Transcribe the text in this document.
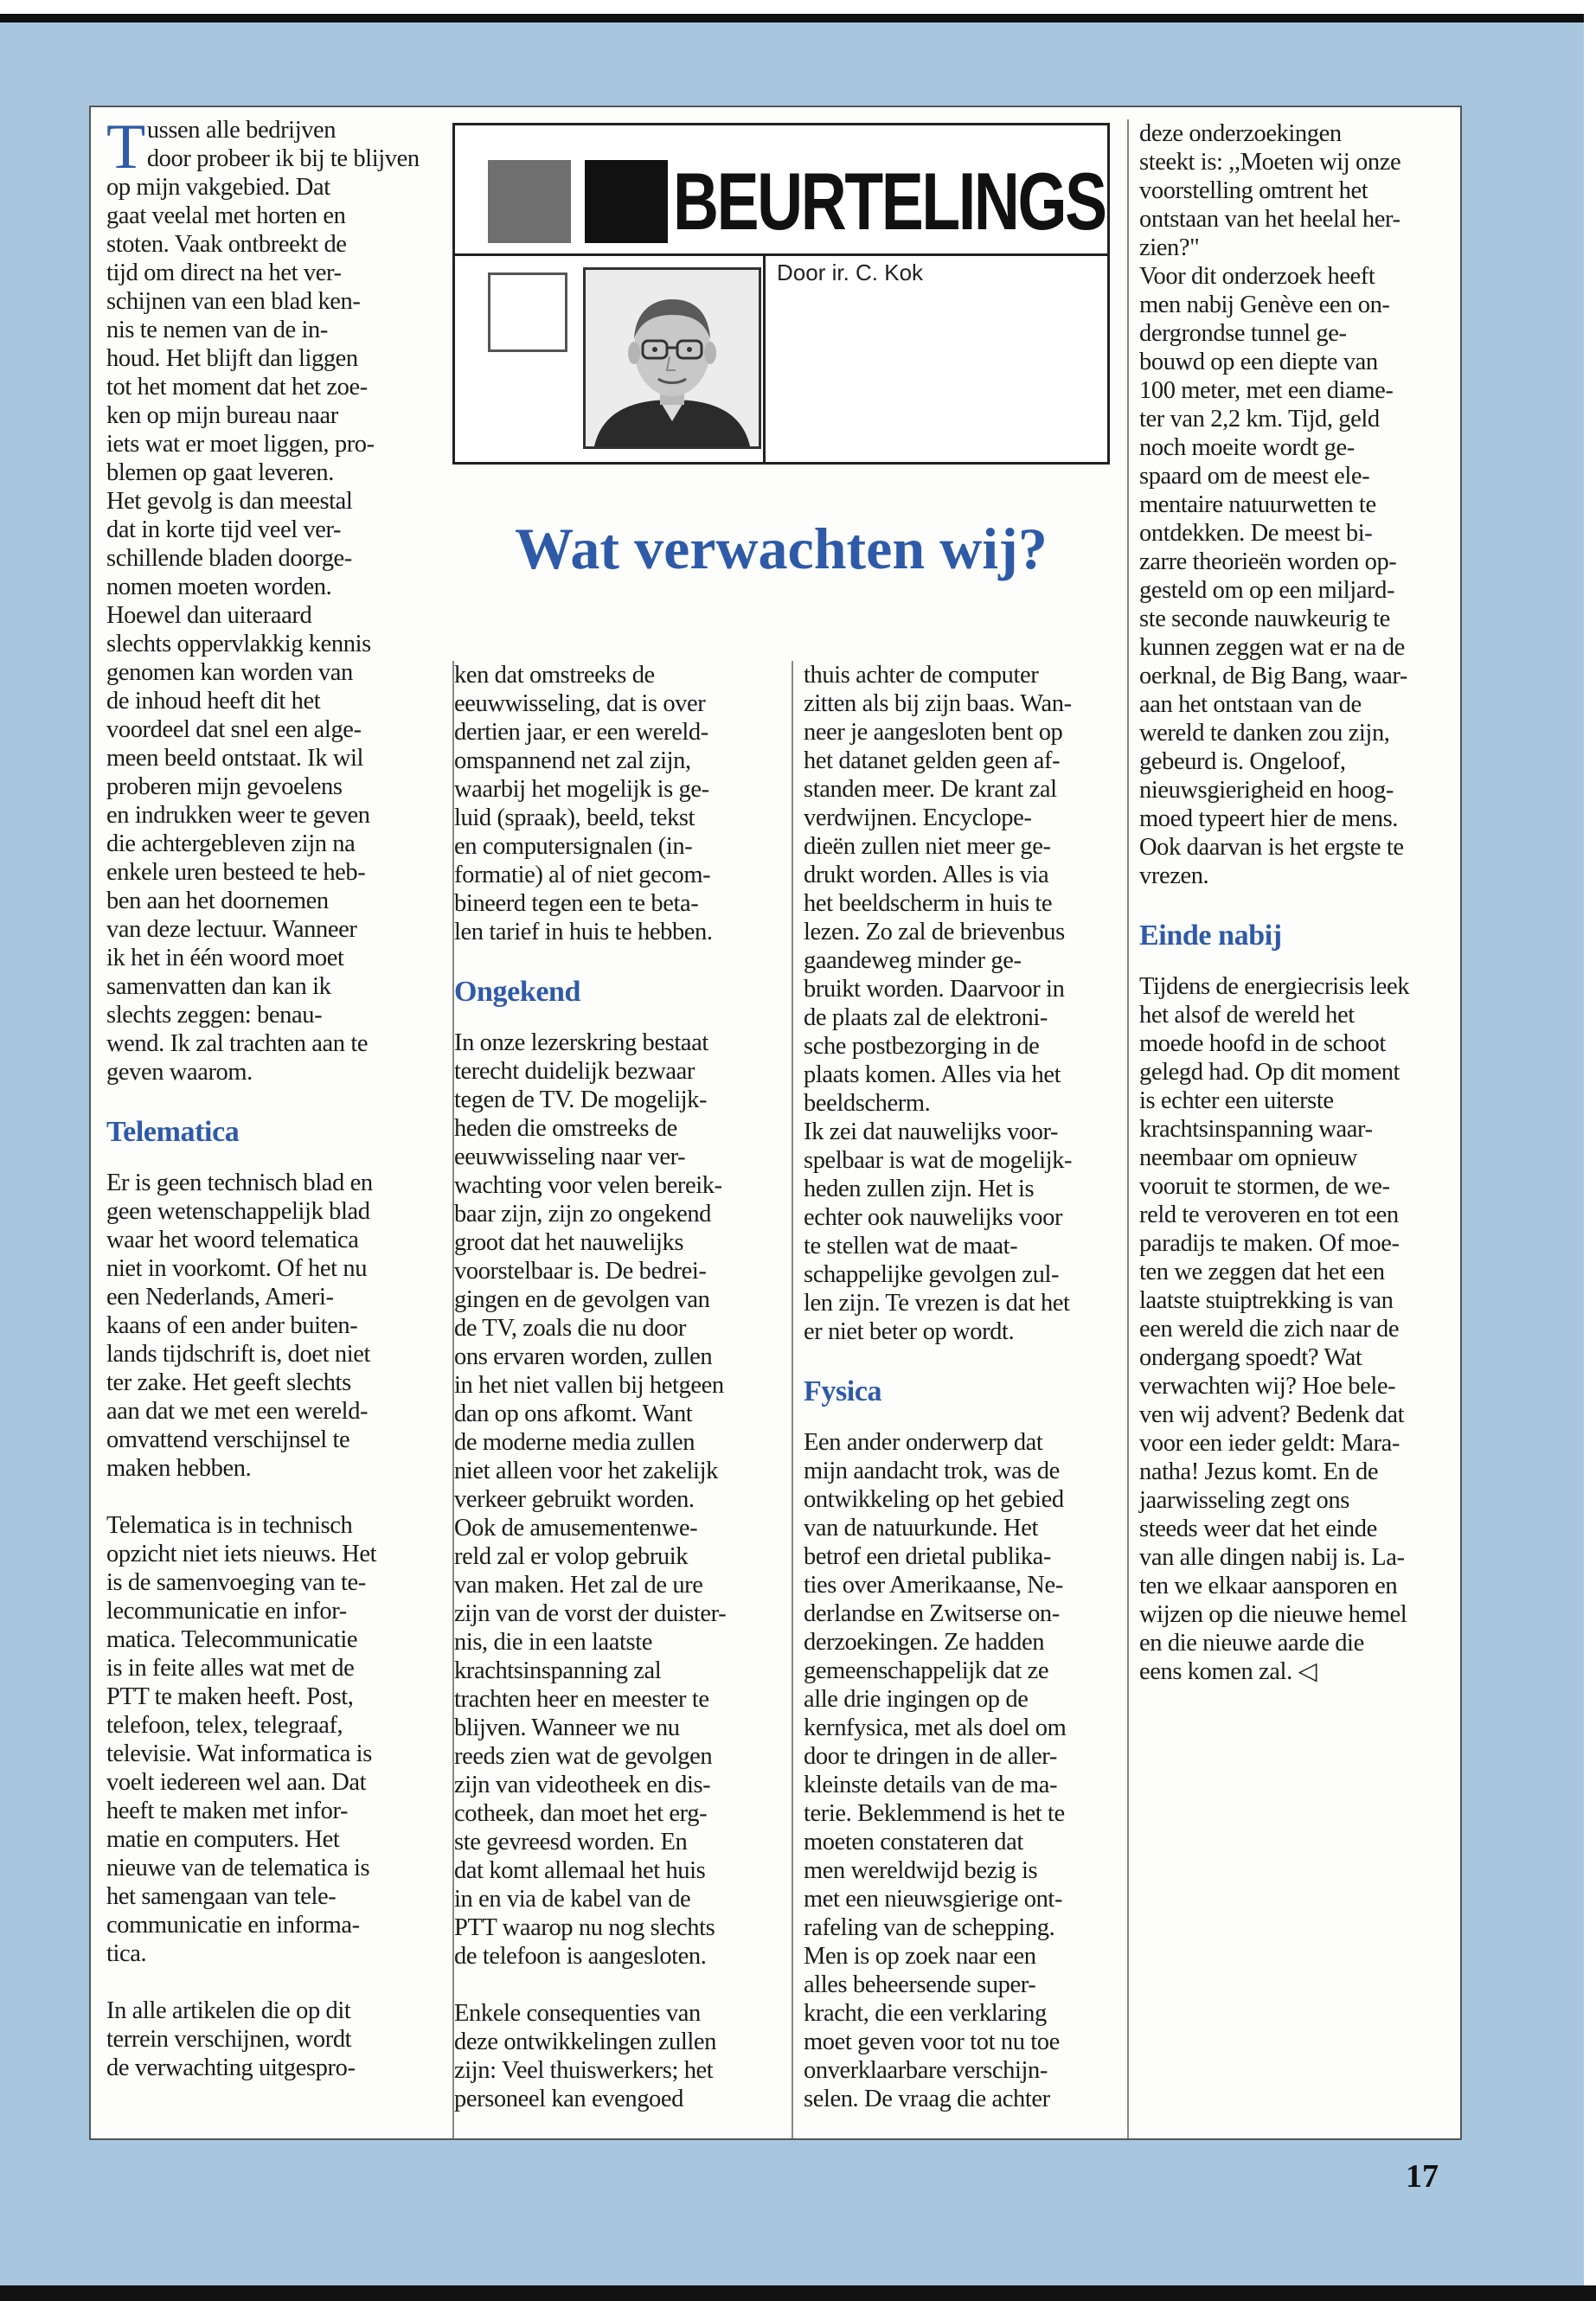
Tussen alle bedrijven
door probeer ik bij te blijven
op mijn vakgebied. Dat
gaat veelal met horten en
stoten. Vaak ontbreekt de
tijd om direct na het ver-
schijnen van een blad ken-
nis te nemen van de in-
houd. Het blijft dan liggen
tot het moment dat het zoe-
ken op mijn bureau naar
iets wat er moet liggen, pro-
blemen op gaat leveren.
Het gevolg is dan meestal
dat in korte tijd veel ver-
schillende bladen doorge-
nomen moeten worden.
Hoewel dan uiteraard
slechts oppervlakkig kennis
genomen kan worden van
de inhoud heeft dit het
voordeel dat snel een alge-
meen beeld ontstaat. Ik wil
proberen mijn gevoelens
en indrukken weer te geven
die achtergebleven zijn na
enkele uren besteed te heb-
ben aan het doornemen
van deze lectuur. Wanneer
ik het in één woord moet
samenvatten dan kan ik
slechts zeggen: benau-
wend. Ik zal trachten aan te
geven waarom.

Telematica

Er is geen technisch blad en
geen wetenschappelijk blad
waar het woord telematica
niet in voorkomt. Of het nu
een Nederlands, Ameri-
kaans of een ander buiten-
lands tijdschrift is, doet niet
ter zake. Het geeft slechts
aan dat we met een wereld-
omvattend verschijnsel te
maken hebben.

Telematica is in technisch
opzicht niet iets nieuws. Het
is de samenvoeging van te-
lecommunicatie en infor-
matica. Telecommunicatie
is in feite alles wat met de
PTT te maken heeft. Post,
telefoon, telex, telegraaf,
televisie. Wat informatica is
voelt iedereen wel aan. Dat
heeft te maken met infor-
matie en computers. Het
nieuwe van de telematica is
het samengaan van tele-
communicatie en informa-
tica.

In alle artikelen die op dit
terrein verschijnen, wordt
de verwachting uitgespro-

BEURTELINGS
Door ir. C. Kok
Wat verwachten wij?

ken dat omstreeks de
eeuwwisseling, dat is over
dertien jaar, er een wereld-
omspannend net zal zijn,
waarbij het mogelijk is ge-
luid (spraak), beeld, tekst
en computersignalen (in-
formatie) al of niet gecom-
bineerd tegen een te beta-
len tarief in huis te hebben.

Ongekend

In onze lezerskring bestaat
terecht duidelijk bezwaar
tegen de TV. De mogelijk-
heden die omstreeks de
eeuwwisseling naar ver-
wachting voor velen bereik-
baar zijn, zijn zo ongekend
groot dat het nauwelijks
voorstelbaar is. De bedrei-
gingen en de gevolgen van
de TV, zoals die nu door
ons ervaren worden, zullen
in het niet vallen bij hetgeen
dan op ons afkomt. Want
de moderne media zullen
niet alleen voor het zakelijk
verkeer gebruikt worden.
Ook de amusementenwe-
reld zal er volop gebruik
van maken. Het zal de ure
zijn van de vorst der duister-
nis, die in een laatste
krachtsinspanning zal
trachten heer en meester te
blijven. Wanneer we nu
reeds zien wat de gevolgen
zijn van videotheek en dis-
cotheek, dan moet het erg-
ste gevreesd worden. En
dat komt allemaal het huis
in en via de kabel van de
PTT waarop nu nog slechts
de telefoon is aangesloten.

Enkele consequenties van
deze ontwikkelingen zullen
zijn: Veel thuiswerkers; het
personeel kan evengoed

thuis achter de computer
zitten als bij zijn baas. Wan-
neer je aangesloten bent op
het datanet gelden geen af-
standen meer. De krant zal
verdwijnen. Encyclope-
dieën zullen niet meer ge-
drukt worden. Alles is via
het beeldscherm in huis te
lezen. Zo zal de brievenbus
gaandeweg minder ge-
bruikt worden. Daarvoor in
de plaats zal de elektroni-
sche postbezorging in de
plaats komen. Alles via het
beeldscherm.

Ik zei dat nauwelijks voor-
spelbaar is wat de mogelijk-
heden zullen zijn. Het is
echter ook nauwelijks voor
te stellen wat de maat-
schappelijke gevolgen zul-
len zijn. Te vrezen is dat het
er niet beter op wordt.

Fysica

Een ander onderwerp dat
mijn aandacht trok, was de
ontwikkeling op het gebied
van de natuurkunde. Het
betrof een drietal publika-
ties over Amerikaanse, Ne-
derlandse en Zwitserse on-
derzoekingen. Ze hadden
gemeenschappelijk dat ze
alle drie ingingen op de
kernfysica, met als doel om
door te dringen in de aller-
kleinste details van de ma-
terie. Beklemmend is het te
moeten constateren dat
men wereldwijd bezig is
met een nieuwsgierige ont-
rafeling van de schepping.
Men is op zoek naar een
alles beheersende super-
kracht, die een verklaring
moet geven voor tot nu toe
onverklaarbare verschijn-
selen. De vraag die achter

deze onderzoekingen
steekt is: ,,Moeten wij onze
voorstelling omtrent het
ontstaan van het heelal her-
zien?"

Voor dit onderzoek heeft
men nabij Genève een on-
dergrondse tunnel ge-
bouwd op een diepte van
100 meter, met een diame-
ter van 2,2 km. Tijd, geld
noch moeite wordt ge-
spaard om de meest ele-
mentaire natuurwetten te
ontdekken. De meest bi-
zarre theorieën worden op-
gesteld om op een miljard-
ste seconde nauwkeurig te
kunnen zeggen wat er na de
oerknal, de Big Bang, waar-
aan het ontstaan van de
wereld te danken zou zijn,
gebeurd is. Ongeloof,
nieuwsgierigheid en hoog-
moed typeert hier de mens.
Ook daarvan is het ergste te
vrezen.

Einde nabij

Tijdens de energiecrisis leek
het alsof de wereld het
moede hoofd in de schoot
gelegd had. Op dit moment
is echter een uiterste
krachtsinspanning waar-
neembaar om opnieuw
vooruit te stormen, de we-
reld te veroveren en tot een
paradijs te maken. Of moe-
ten we zeggen dat het een
laatste stuiptrekking is van
een wereld die zich naar de
ondergang spoedt? Wat
verwachten wij? Hoe bele-
ven wij advent? Bedenk dat
voor een ieder geldt: Mara-
natha! Jezus komt. En de
jaarwisseling zegt ons
steeds weer dat het einde
van alle dingen nabij is. La-
ten we elkaar aansporen en
wijzen op die nieuwe hemel
en die nieuwe aarde die
eens komen zal. ◁

17
